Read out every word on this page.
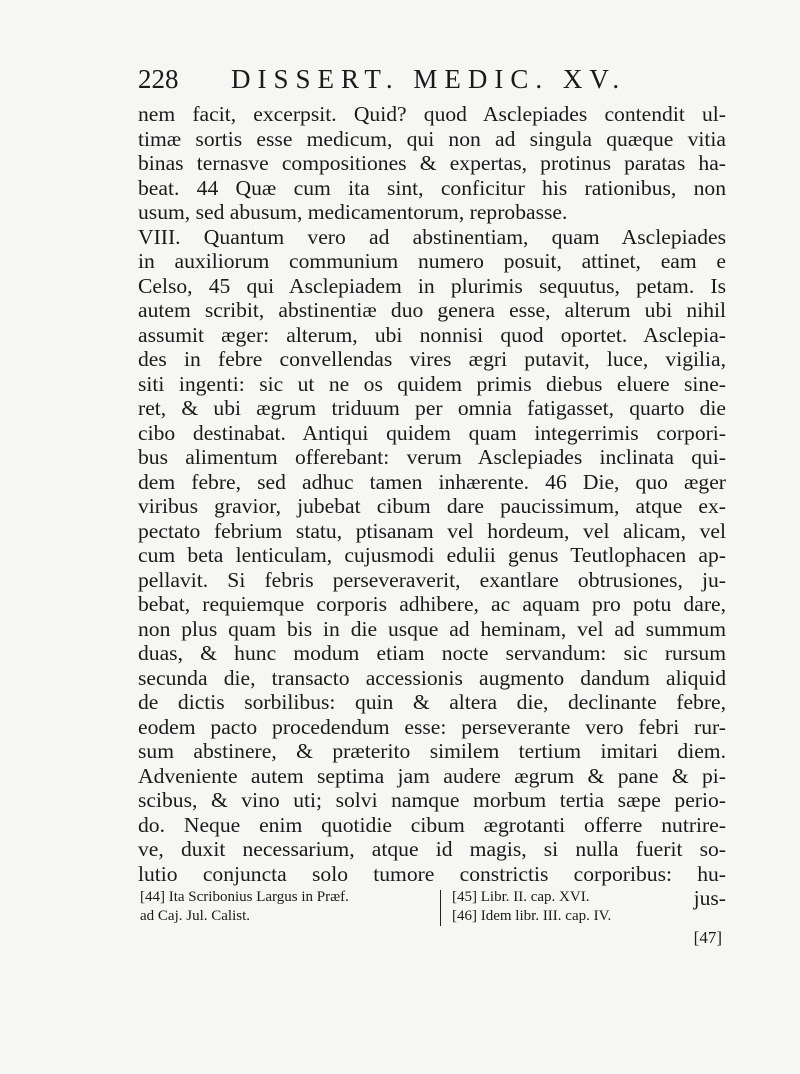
228 DISSERT. MEDIC. XV.
nem facit, excerpsit. Quid? quod Asclepiades contendit ul-
timæ sortis esse medicum, qui non ad singula quæque vitia
binas ternasve compositiones & expertas, protinus paratas ha-
beat. 44 Quæ cum ita sint, conficitur his rationibus, non
usum, sed abusum, medicamentorum, reprobasse.
VIII. Quantum vero ad abstinentiam, quam Asclepiades
in auxiliorum communium numero posuit, attinet, eam e
Celso, 45 qui Asclepiadem in plurimis sequutus, petam. Is
autem scribit, abstinentiæ duo genera esse, alterum ubi nihil
assumit æger: alterum, ubi nonnisi quod oportet. Asclepia-
des in febre convellendas vires ægri putavit, luce, vigilia,
siti ingenti: sic ut ne os quidem primis diebus eluere sine-
ret, & ubi ægrum triduum per omnia fatigasset, quarto die
cibo destinabat. Antiqui quidem quam integerrimis corpori-
bus alimentum offerebant: verum Asclepiades inclinata qui-
dem febre, sed adhuc tamen inhærente. 46 Die, quo æger
viribus gravior, jubebat cibum dare paucissimum, atque ex-
pectato febrium statu, ptisanam vel hordeum, vel alicam, vel
cum beta lenticulam, cujusmodi edulii genus Teutlophacen ap-
pellavit. Si febris perseveraverit, exantlare obtrusiones, ju-
bebat, requiemque corporis adhibere, ac aquam pro potu dare,
non plus quam bis in die usque ad heminam, vel ad summum
duas, & hunc modum etiam nocte servandum: sic rursum
secunda die, transacto accessionis augmento dandum aliquid
de dictis sorbilibus: quin & altera die, declinante febre,
eodem pacto procedendum esse: perseverante vero febri rur-
sum abstinere, & præterito similem tertium imitari diem.
Adveniente autem septima jam audere ægrum & pane & pi-
scibus, & vino uti; solvi namque morbum tertia sæpe perio-
do. Neque enim quotidie cibum ægrotanti offerre nutrire-
ve, duxit necessarium, atque id magis, si nulla fuerit so-
lutio conjuncta solo tumore constrictis corporibus: hu-
jus-
[44] Ita Scribonius Largus in Præf.
ad Caj. Jul. Calist.
[45] Libr. II. cap. XVI.
[46] Idem libr. III. cap. IV.
[47]
